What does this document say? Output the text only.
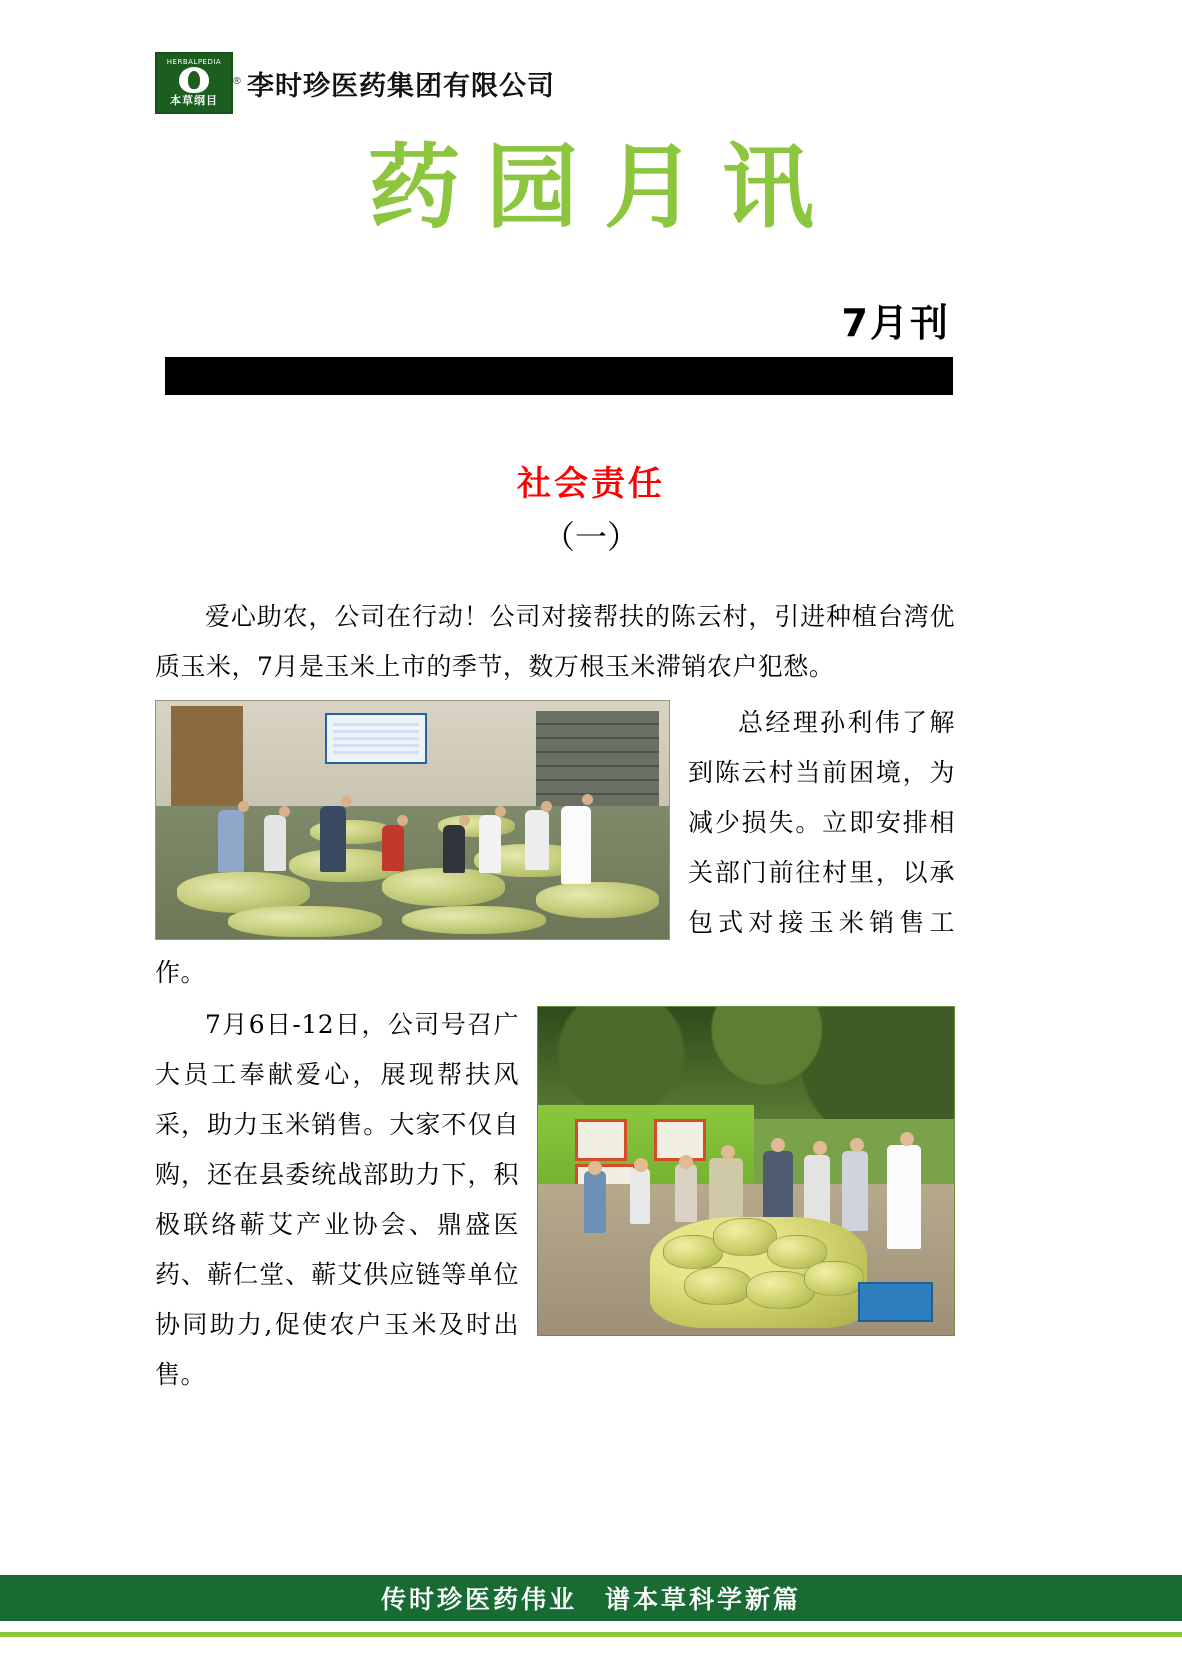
HERBALPEDIA
本草纲目
® 李时珍医药集团有限公司
药园月讯
7月刊
社会责任
（一）

爱心助农，公司在行动！公司对接帮扶的陈云村，引进种植台湾优质玉米，7月是玉米上市的季节，数万根玉米滞销农户犯愁。

总经理孙利伟了解到陈云村当前困境，为减少损失。立即安排相关部门前往村里，以承包式对接玉米销售工作。

7月6日-12日，公司号召广大员工奉献爱心，展现帮扶风采，助力玉米销售。大家不仅自购，还在县委统战部助力下，积极联络蕲艾产业协会、鼎盛医药、蕲仁堂、蕲艾供应链等单位协同助力,促使农户玉米及时出售。

传时珍医药伟业　谱本草科学新篇
